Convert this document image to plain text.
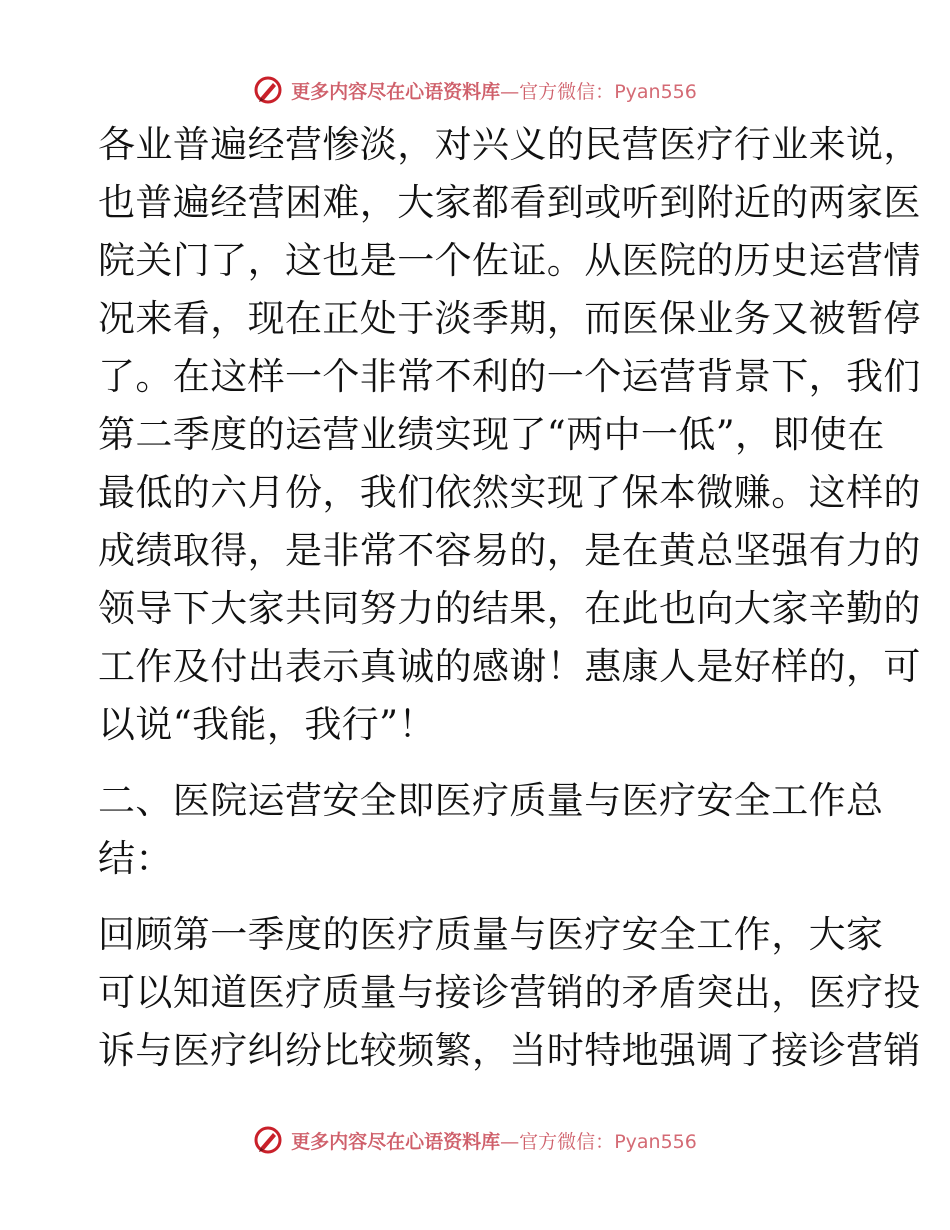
更多内容尽在心语资料库—官方微信：Pyan556
各业普遍经营惨淡，对兴义的民营医疗行业来说，
也普遍经营困难，大家都看到或听到附近的两家医
院关门了，这也是一个佐证。从医院的历史运营情
况来看，现在正处于淡季期，而医保业务又被暂停
了。在这样一个非常不利的一个运营背景下，我们
第二季度的运营业绩实现了“两中一低”，即使在
最低的六月份，我们依然实现了保本微赚。这样的
成绩取得，是非常不容易的，是在黄总坚强有力的
领导下大家共同努力的结果，在此也向大家辛勤的
工作及付出表示真诚的感谢！惠康人是好样的，可
以说“我能，我行”！
二、医院运营安全即医疗质量与医疗安全工作总
结：
回顾第一季度的医疗质量与医疗安全工作，大家
可以知道医疗质量与接诊营销的矛盾突出，医疗投
诉与医疗纠纷比较频繁，当时特地强调了接诊营销
更多内容尽在心语资料库—官方微信：Pyan556
